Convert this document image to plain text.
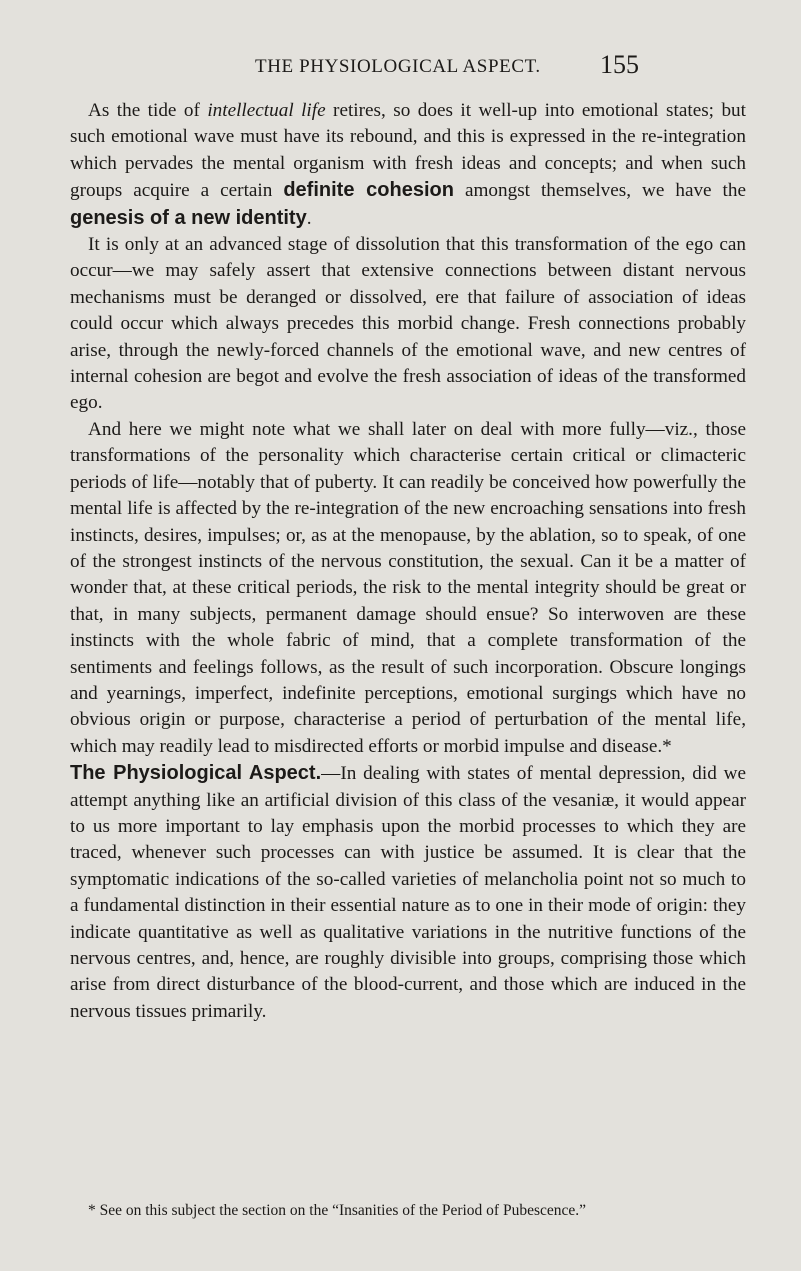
THE PHYSIOLOGICAL ASPECT. 155

As the tide of intellectual life retires, so does it well-up into emotional states; but such emotional wave must have its rebound, and this is expressed in the re-integration which pervades the mental organism with fresh ideas and concepts; and when such groups acquire a certain definite cohesion amongst themselves, we have the genesis of a new identity.

It is only at an advanced stage of dissolution that this transformation of the ego can occur—we may safely assert that extensive connections between distant nervous mechanisms must be deranged or dissolved, ere that failure of association of ideas could occur which always precedes this morbid change. Fresh connections probably arise, through the newly-forced channels of the emotional wave, and new centres of internal cohesion are begot and evolve the fresh association of ideas of the transformed ego.

And here we might note what we shall later on deal with more fully—viz., those transformations of the personality which characterise certain critical or climacteric periods of life—notably that of puberty. It can readily be conceived how powerfully the mental life is affected by the re-integration of the new encroaching sensations into fresh instincts, desires, impulses; or, as at the menopause, by the ablation, so to speak, of one of the strongest instincts of the nervous constitution, the sexual. Can it be a matter of wonder that, at these critical periods, the risk to the mental integrity should be great or that, in many subjects, permanent damage should ensue? So interwoven are these instincts with the whole fabric of mind, that a complete transformation of the sentiments and feelings follows, as the result of such incorporation. Obscure longings and yearnings, imperfect, indefinite perceptions, emotional surgings which have no obvious origin or purpose, characterise a period of perturbation of the mental life, which may readily lead to misdirected efforts or morbid impulse and disease.*

The Physiological Aspect.—In dealing with states of mental depression, did we attempt anything like an artificial division of this class of the vesaniæ, it would appear to us more important to lay emphasis upon the morbid processes to which they are traced, whenever such processes can with justice be assumed. It is clear that the symptomatic indications of the so-called varieties of melancholia point not so much to a fundamental distinction in their essential nature as to one in their mode of origin: they indicate quantitative as well as qualitative variations in the nutritive functions of the nervous centres, and, hence, are roughly divisible into groups, comprising those which arise from direct disturbance of the blood-current, and those which are induced in the nervous tissues primarily.

* See on this subject the section on the “Insanities of the Period of Pubescence.”
